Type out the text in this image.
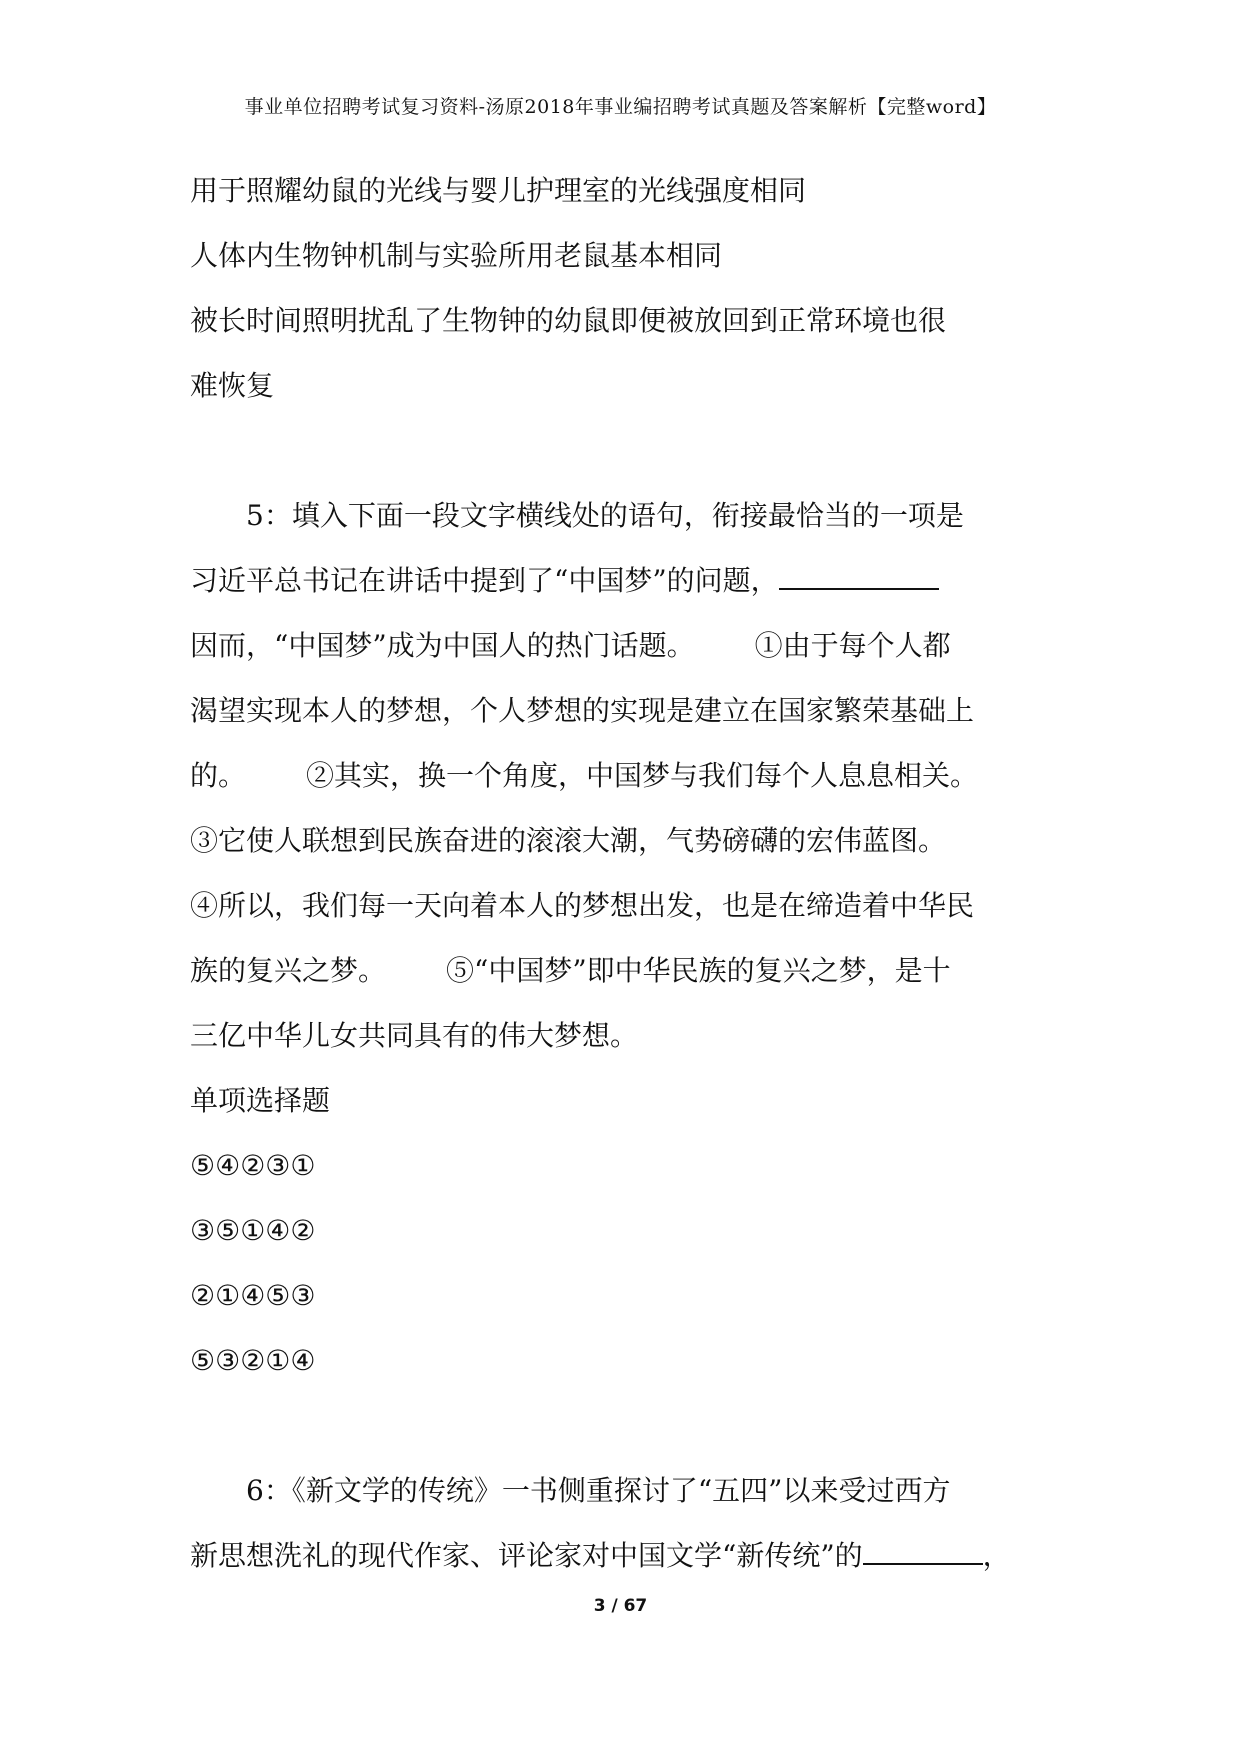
事业单位招聘考试复习资料-汤原2018年事业编招聘考试真题及答案解析【完整word】
用于照耀幼鼠的光线与婴儿护理室的光线强度相同
人体内生物钟机制与实验所用老鼠基本相同
被长时间照明扰乱了生物钟的幼鼠即便被放回到正常环境也很
难恢复
5：填入下面一段文字横线处的语句，衔接最恰当的一项是
习近平总书记在讲话中提到了“中国梦”的问题，
因而，“中国梦”成为中国人的热门话题。 ①由于每个人都
渴望实现本人的梦想，个人梦想的实现是建立在国家繁荣基础上
的。 ②其实，换一个角度，中国梦与我们每个人息息相关。
③它使人联想到民族奋进的滚滚大潮，气势磅礴的宏伟蓝图。
④所以，我们每一天向着本人的梦想出发，也是在缔造着中华民
族的复兴之梦。 ⑤“中国梦”即中华民族的复兴之梦，是十
三亿中华儿女共同具有的伟大梦想。
单项选择题
⑤④②③①
③⑤①④②
②①④⑤③
⑤③②①④
6：《新文学的传统》一书侧重探讨了“五四”以来受过西方
新思想洗礼的现代作家、评论家对中国文学“新传统”的	，
3 / 67
